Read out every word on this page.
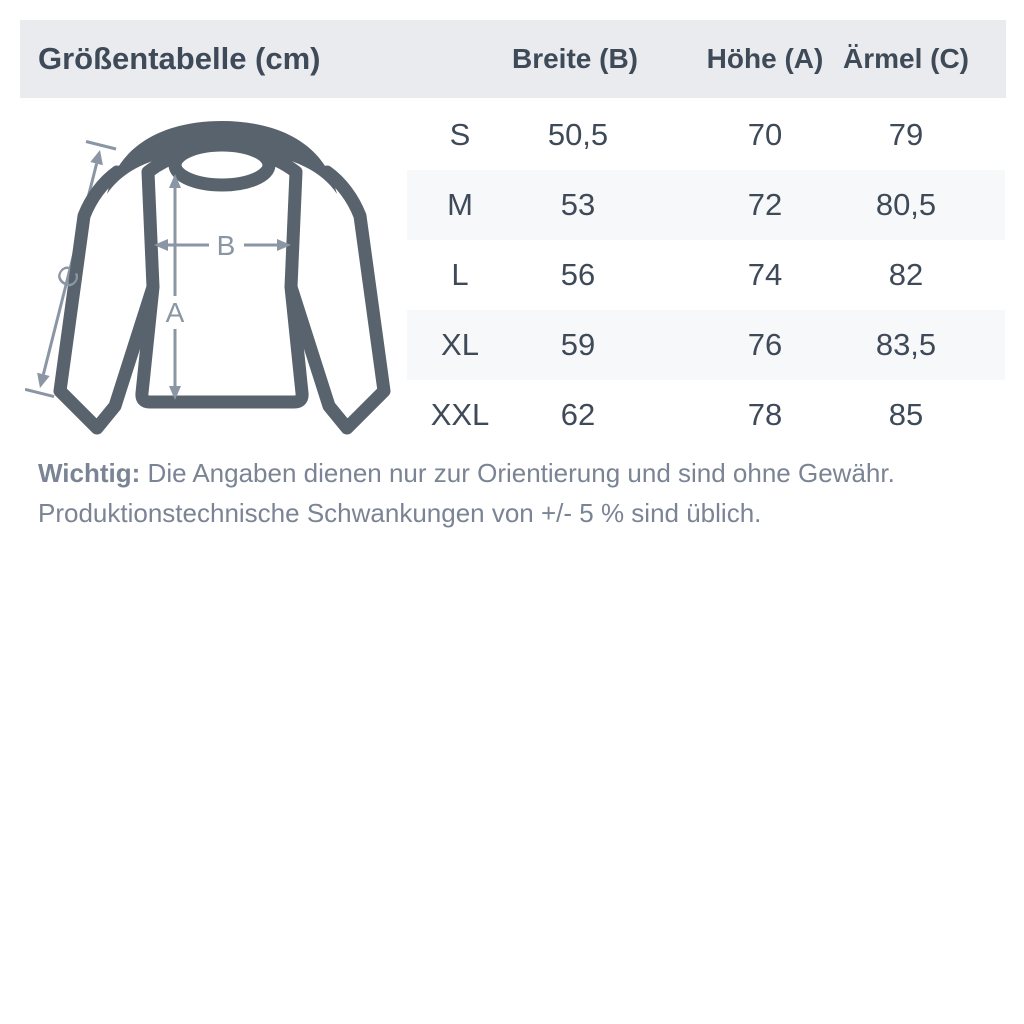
Größentabelle (cm)	Breite (B) Höhe (A) Ärmel (C)
A
B
C
S 50,5	70	79
M	53	72	80,5
L	56	74	82
XL	59	76	83,5
XXL 62	78	85
Wichtig: Die Angaben dienen nur zur Orientierung und sind ohne Gewähr.
Produktionstechnische Schwankungen von +/- 5 % sind üblich.
